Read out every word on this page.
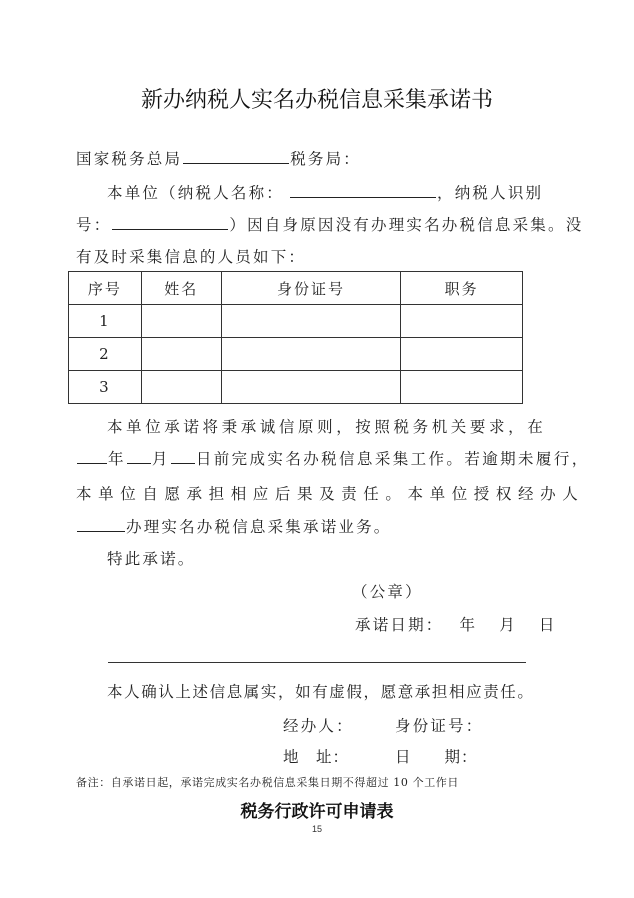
新办纳税人实名办税信息采集承诺书
国家税务总局	税务局：
本单位（纳税人名称：	，纳税人识别
号：	）因自身原因没有办理实名办税信息采集。没
有及时采集信息的人员如下：
序号	姓名	身份证号	职务
1			
2			
3			
本单位承诺将秉承诚信原则，按照税务机关要求，在
年 月 日前完成实名办税信息采集工作。若逾期未履行，
本单位自愿承担相应后果及责任。本单位授权经办人
办理实名办税信息采集承诺业务。
特此承诺。
（公章）
承诺日期： 年 月 日
本人确认上述信息属实，如有虚假，愿意承担相应责任。
经办人：	身份证号：
地　址：	日　　期：
备注：自承诺日起，承诺完成实名办税信息采集日期不得超过 10 个工作日
税务行政许可申请表
15
